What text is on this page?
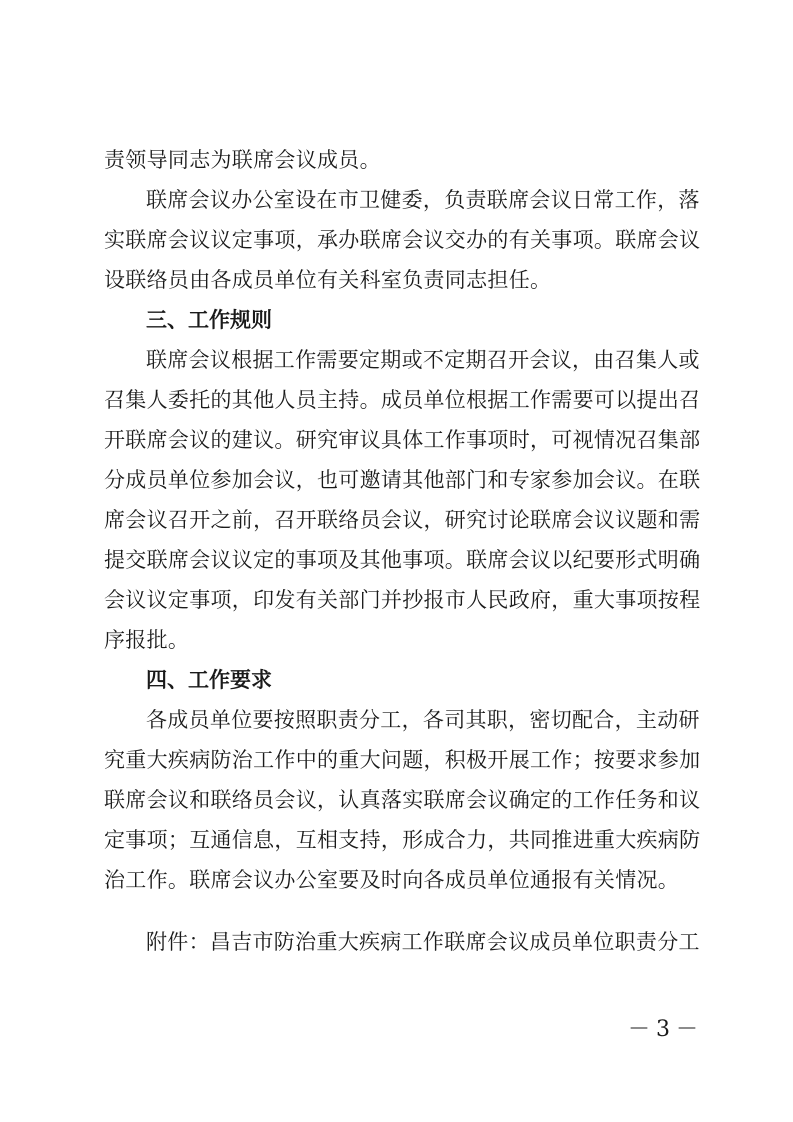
责领导同志为联席会议成员。
联席会议办公室设在市卫健委，负责联席会议日常工作，落
实联席会议议定事项，承办联席会议交办的有关事项。联席会议
设联络员由各成员单位有关科室负责同志担任。
三、工作规则
联席会议根据工作需要定期或不定期召开会议，由召集人或
召集人委托的其他人员主持。成员单位根据工作需要可以提出召
开联席会议的建议。研究审议具体工作事项时，可视情况召集部
分成员单位参加会议，也可邀请其他部门和专家参加会议。在联
席会议召开之前，召开联络员会议，研究讨论联席会议议题和需
提交联席会议议定的事项及其他事项。联席会议以纪要形式明确
会议议定事项，印发有关部门并抄报市人民政府，重大事项按程
序报批。
四、工作要求
各成员单位要按照职责分工，各司其职，密切配合，主动研
究重大疾病防治工作中的重大问题，积极开展工作；按要求参加
联席会议和联络员会议，认真落实联席会议确定的工作任务和议
定事项；互通信息，互相支持，形成合力，共同推进重大疾病防
治工作。联席会议办公室要及时向各成员单位通报有关情况。
附件：昌吉市防治重大疾病工作联席会议成员单位职责分工
－3－
